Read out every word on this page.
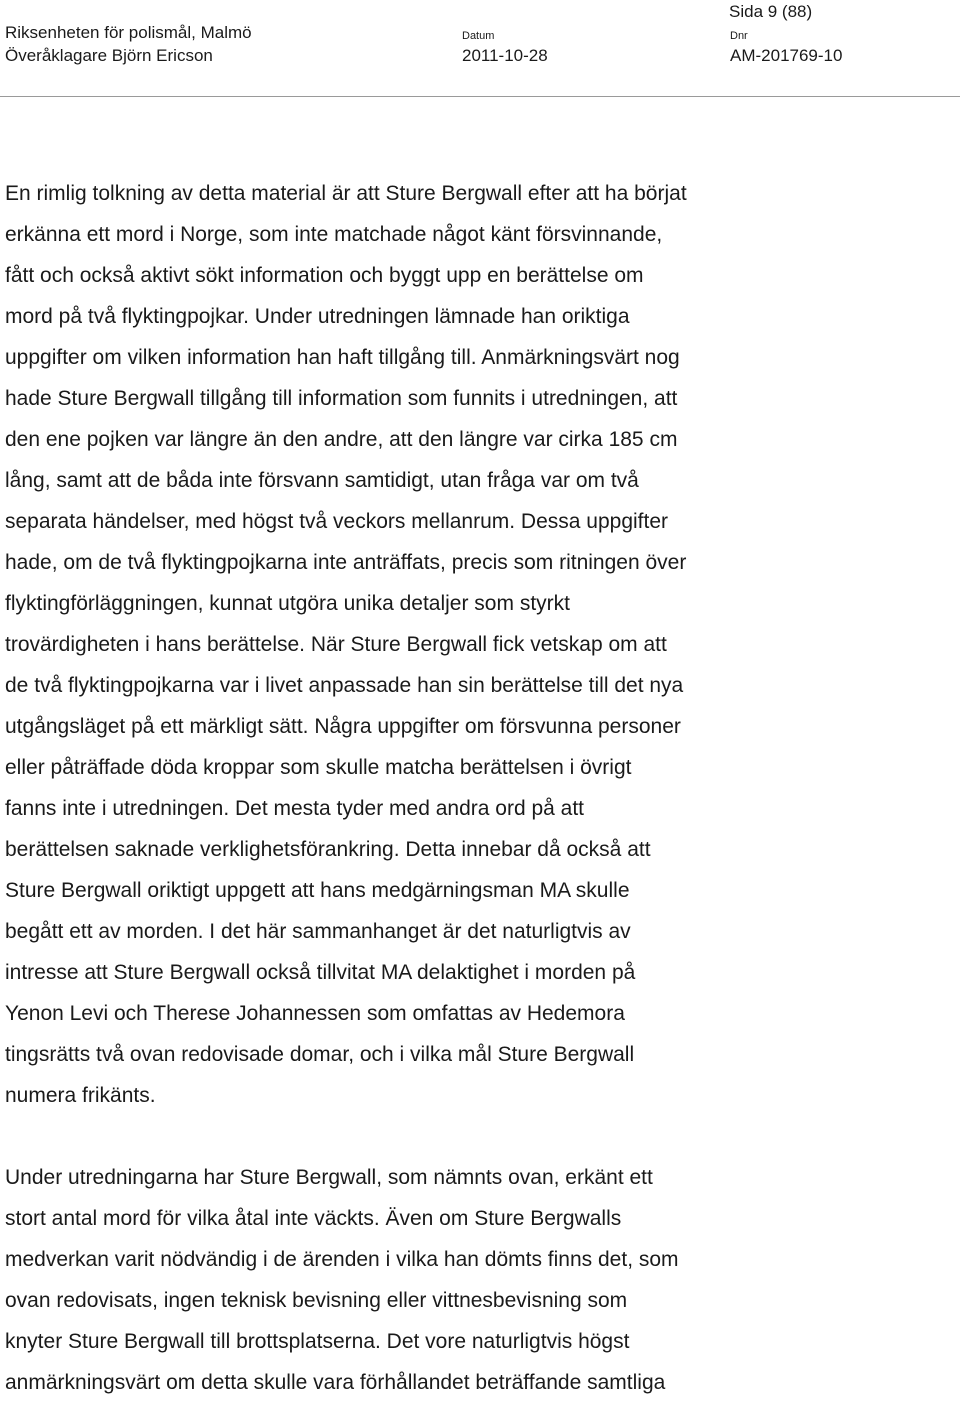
Riksenheten för polismål, Malmö
Överåklagare Björn Ericson
Datum
2011-10-28
Dnr
AM-201769-10
Sida 9 (88)

En rimlig tolkning av detta material är att Sture Bergwall efter att ha börjat
erkänna ett mord i Norge, som inte matchade något känt försvinnande,
fått och också aktivt sökt information och byggt upp en berättelse om
mord på två flyktingpojkar. Under utredningen lämnade han oriktiga
uppgifter om vilken information han haft tillgång till. Anmärkningsvärt nog
hade Sture Bergwall tillgång till information som funnits i utredningen, att
den ene pojken var längre än den andre, att den längre var cirka 185 cm
lång, samt att de båda inte försvann samtidigt, utan fråga var om två
separata händelser, med högst två veckors mellanrum. Dessa uppgifter
hade, om de två flyktingpojkarna inte anträffats, precis som ritningen över
flyktingförläggningen, kunnat utgöra unika detaljer som styrkt
trovärdigheten i hans berättelse. När Sture Bergwall fick vetskap om att
de två flyktingpojkarna var i livet anpassade han sin berättelse till det nya
utgångsläget på ett märkligt sätt. Några uppgifter om försvunna personer
eller påträffade döda kroppar som skulle matcha berättelsen i övrigt
fanns inte i utredningen. Det mesta tyder med andra ord på att
berättelsen saknade verklighetsförankring. Detta innebar då också att
Sture Bergwall oriktigt uppgett att hans medgärningsman MA skulle
begått ett av morden. I det här sammanhanget är det naturligtvis av
intresse att Sture Bergwall också tillvitat MA delaktighet i morden på
Yenon Levi och Therese Johannessen som omfattas av Hedemora
tingsrätts två ovan redovisade domar, och i vilka mål Sture Bergwall
numera frikänts.

Under utredningarna har Sture Bergwall, som nämnts ovan, erkänt ett
stort antal mord för vilka åtal inte väckts. Även om Sture Bergwalls
medverkan varit nödvändig i de ärenden i vilka han dömts finns det, som
ovan redovisats, ingen teknisk bevisning eller vittnesbevisning som
knyter Sture Bergwall till brottsplatserna. Det vore naturligtvis högst
anmärkningsvärt om detta skulle vara förhållandet beträffande samtliga
